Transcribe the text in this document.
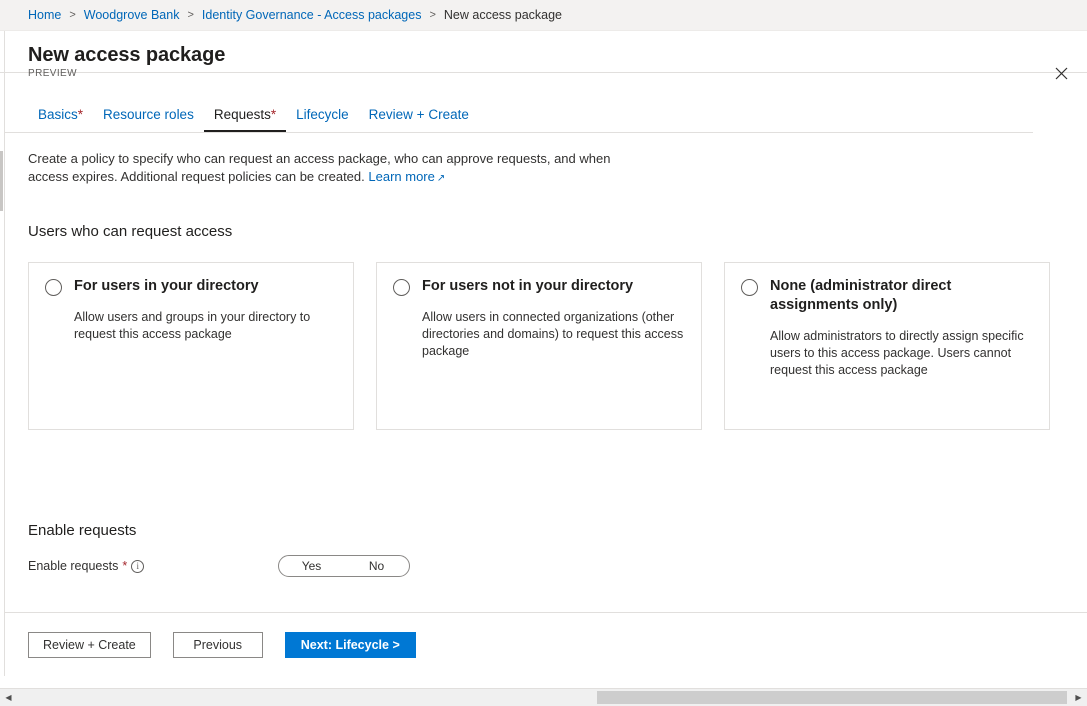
Home > Woodgrove Bank > Identity Governance - Access packages > New access package
New access package
PREVIEW
Basics*	Resource roles	Requests*	Lifecycle	Review + Create
Create a policy to specify who can request an access package, who can approve requests, and when access expires. Additional request policies can be created. Learn more ↗
Users who can request access
For users in your directory
Allow users and groups in your directory to request this access package
For users not in your directory
Allow users in connected organizations (other directories and domains) to request this access package
None (administrator direct assignments only)
Allow administrators to directly assign specific users to this access package. Users cannot request this access package
Enable requests
Enable requests *	i	Yes	No
Review + Create	Previous	Next: Lifecycle >
◀	▶
